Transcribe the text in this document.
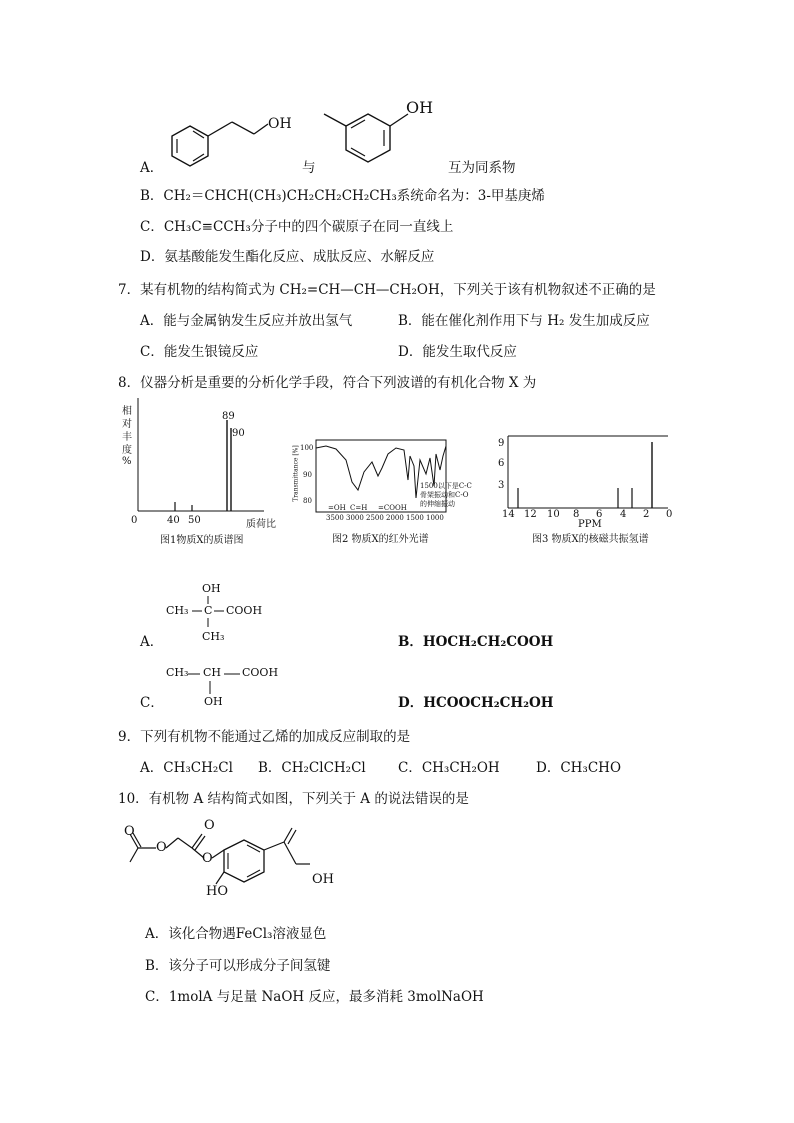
OH
A．	与
OH
互为同系物
B．CH₂＝CHCH(CH₃)CH₂CH₂CH₂CH₃系统命名为：3-甲基庚烯
C．CH₃C≡CCH₃分子中的四个碳原子在同一直线上
D．氨基酸能发生酯化反应、成肽反应、水解反应
7．某有机物的结构简式为 CH₂=CH—CH—CH₂OH，下列关于该有机物叙述不正确的是
A．能与金属钠发生反应并放出氢气	B．能在催化剂作用下与 H₂ 发生加成反应
C．能发生银镜反应	D．能发生取代反应
8．仪器分析是重要的分析化学手段，符合下列波谱的有机化合物 X 为
相
对
丰
度
%
89
90
0	40 50	质荷比
图1物质X的质谱图
Transmittance [%] 100
90
80
=OH C=H =COOH
1500以下是C-C
骨架振动和C-O
的伸缩振动
3500 3000 2500 2000 1500 1000
图2 物质X的红外光谱
9
6
3
14 12 10 8 6 4 2 0
PPM
图3 物质X的核磁共振氢谱
OH
CH₃ C COOH
CH₃
A．	B．HOCH₂CH₂COOH
CH₃ CH COOH
OH
C．	D．HCOOCH₂CH₂OH
9．下列有机物不能通过乙烯的加成反应制取的是
A．CH₃CH₂Cl B．CH₂ClCH₂Cl C．CH₃CH₂OH	D．CH₃CHO
10．有机物 A 结构简式如图，下列关于 A 的说法错误的是
O
O
O
O
HO
OH
A．该化合物遇FeCl₃溶液显色
B．该分子可以形成分子间氢键
C．1molA 与足量 NaOH 反应，最多消耗 3molNaOH
